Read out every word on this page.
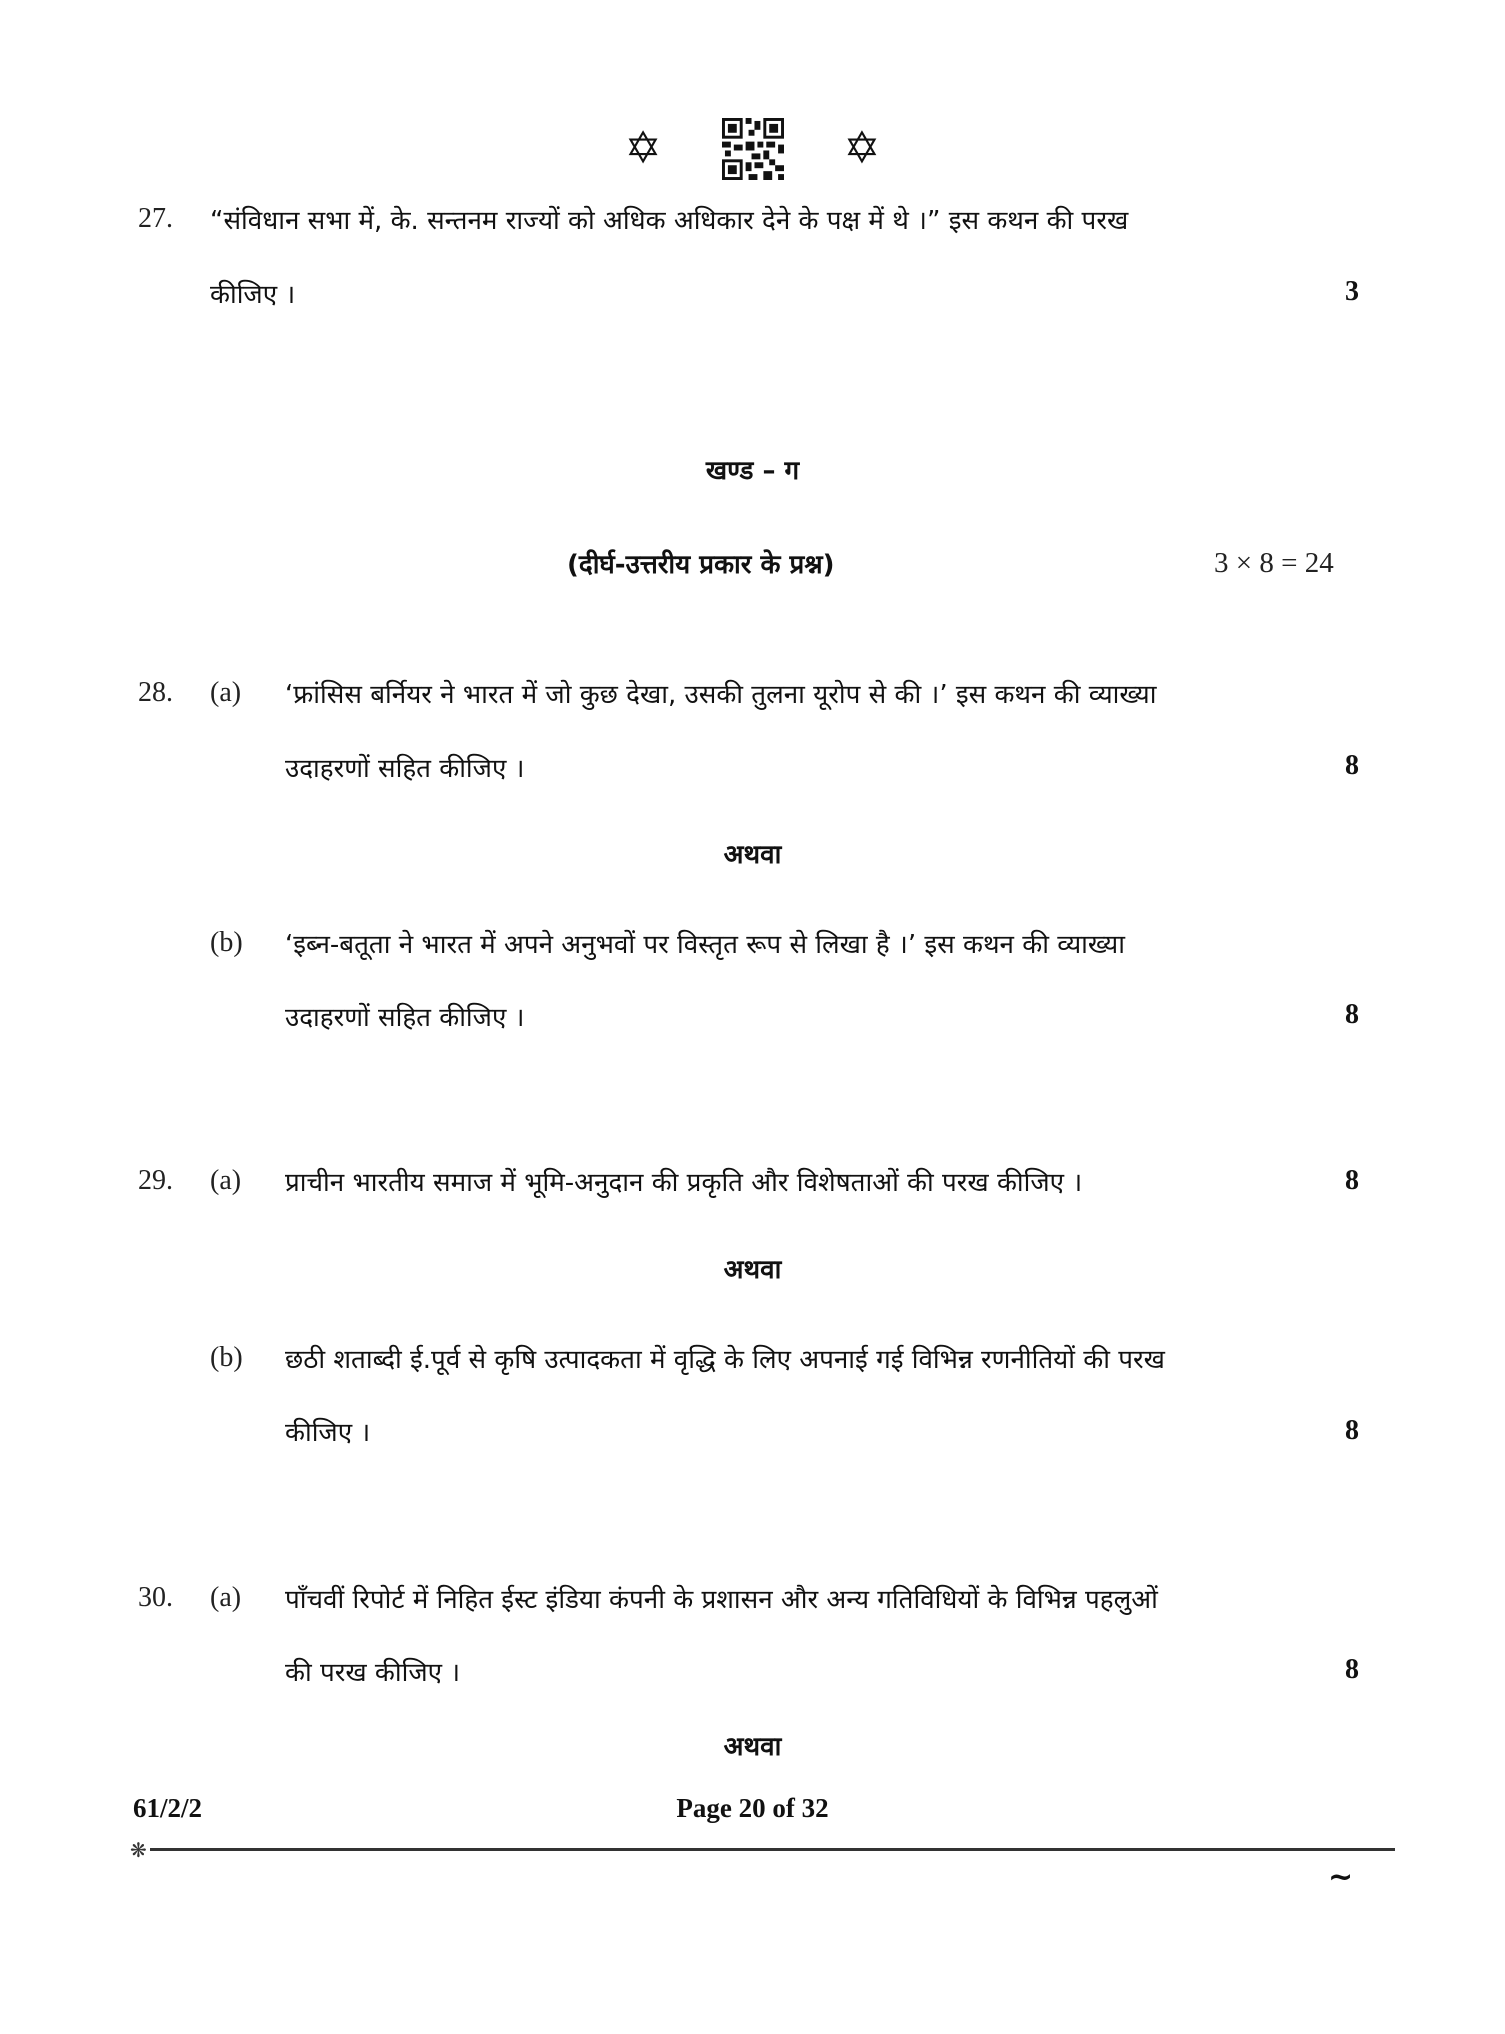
✡	✡
27. “संविधान सभा में, के. सन्तनम राज्यों को अधिक अधिकार देने के पक्ष में थे ।” इस कथन की परख
कीजिए ।	3
खण्ड – ग
(दीर्घ-उत्तरीय प्रकार के प्रश्न)	3 × 8 = 24
28. (a) ‘फ्रांसिस बर्नियर ने भारत में जो कुछ देखा, उसकी तुलना यूरोप से की ।’ इस कथन की व्याख्या
उदाहरणों सहित कीजिए ।	8
अथवा
(b) ‘इब्न-बतूता ने भारत में अपने अनुभवों पर विस्तृत रूप से लिखा है ।’ इस कथन की व्याख्या
उदाहरणों सहित कीजिए ।	8
29. (a) प्राचीन भारतीय समाज में भूमि-अनुदान की प्रकृति और विशेषताओं की परख कीजिए ।	8
अथवा
(b) छठी शताब्दी ई.पूर्व से कृषि उत्पादकता में वृद्धि के लिए अपनाई गई विभिन्न रणनीतियों की परख
कीजिए ।	8
30. (a) पाँचवीं रिपोर्ट में निहित ईस्ट इंडिया कंपनी के प्रशासन और अन्य गतिविधियों के विभिन्न पहलुओं
की परख कीजिए ।	8
अथवा
61/2/2	Page 20 of 32
❋
~
